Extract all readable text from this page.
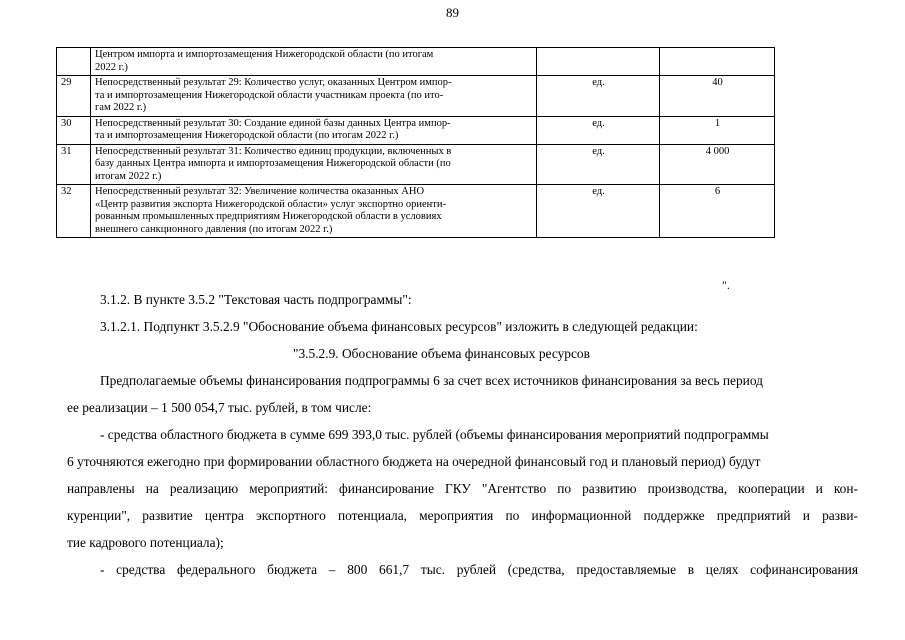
89

	Центром импорта и импортозамещения Нижегородской области (по итогам
2022 г.)		

29	Непосредственный результат 29: Количество услуг, оказанных Центром импор-
та и импортозамещения Нижегородской области участникам проекта (по ито-
гам 2022 г.)	ед.	40
30	Непосредственный результат 30: Создание единой базы данных Центра импор-
та и импортозамещения Нижегородской области (по итогам 2022 г.)	ед.	1
31	Непосредственный результат 31: Количество единиц продукции, включенных в
базу данных Центра импорта и импортозамещения Нижегородской области (по
итогам 2022 г.)	ед.	4 000
32	Непосредственный результат 32: Увеличение количества оказанных АНО
«Центр развития экспорта Нижегородской области» услуг экспортно ориенти-
рованным промышленных предприятиям Нижегородской области в условиях
внешнего санкционного давления (по итогам 2022 г.)	ед.	6
".
3.1.2. В пункте 3.5.2 "Текстовая часть подпрограммы":
3.1.2.1. Подпункт 3.5.2.9 "Обоснование объема финансовых ресурсов" изложить в следующей редакции:
"3.5.2.9. Обоснование объема финансовых ресурсов
Предполагаемые объемы финансирования подпрограммы 6 за счет всех источников финансирования за весь период
ее реализации – 1 500 054,7 тыс. рублей, в том числе:
- средства областного бюджета в сумме 699 393,0 тыс. рублей (объемы финансирования мероприятий подпрограммы
6 уточняются ежегодно при формировании областного бюджета на очередной финансовый год и плановый период) будут
направлены на реализацию мероприятий: финансирование ГКУ "Агентство по развитию производства, кооперации и кон-
куренции", развитие центра экспортного потенциала, мероприятия по информационной поддержке предприятий и разви-
тие кадрового потенциала);
- средства федерального бюджета – 800 661,7 тыс. рублей (средства, предоставляемые в целях софинансирования
